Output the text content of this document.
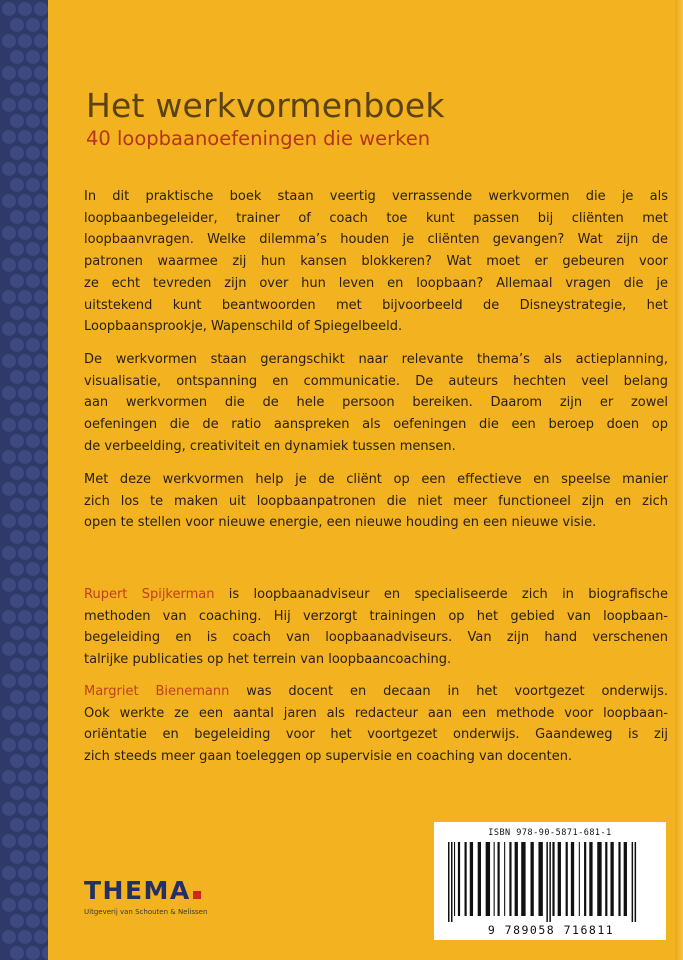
Het werkvormenboek
40 loopbaanoefeningen die werken
In dit praktische boek staan veertig verrassende werkvormen die je als
loopbaanbegeleider, trainer of coach toe kunt passen bij cliënten met
loopbaanvragen. Welke dilemma’s houden je cliënten gevangen? Wat zijn de
patronen waarmee zij hun kansen blokkeren? Wat moet er gebeuren voor
ze echt tevreden zijn over hun leven en loopbaan? Allemaal vragen die je
uitstekend kunt beantwoorden met bijvoorbeeld de Disneystrategie, het
Loopbaansprookje, Wapenschild of Spiegelbeeld.
De werkvormen staan gerangschikt naar relevante thema’s als actieplanning,
visualisatie, ontspanning en communicatie. De auteurs hechten veel belang
aan werkvormen die de hele persoon bereiken. Daarom zijn er zowel
oefeningen die de ratio aanspreken als oefeningen die een beroep doen op
de verbeelding, creativiteit en dynamiek tussen mensen.
Met deze werkvormen help je de cliënt op een effectieve en speelse manier
zich los te maken uit loopbaanpatronen die niet meer functioneel zijn en zich
open te stellen voor nieuwe energie, een nieuwe houding en een nieuwe visie.
Rupert Spijkerman is loopbaanadviseur en specialiseerde zich in biografische
methoden van coaching. Hij verzorgt trainingen op het gebied van loopbaan-
begeleiding en is coach van loopbaanadviseurs. Van zijn hand verschenen
talrijke publicaties op het terrein van loopbaancoaching.
Margriet Bienemann was docent en decaan in het voortgezet onderwijs.
Ook werkte ze een aantal jaren als redacteur aan een methode voor loopbaan-
oriëntatie en begeleiding voor het voortgezet onderwijs. Gaandeweg is zij
zich steeds meer gaan toeleggen op supervisie en coaching van docenten.
ISBN 978-90-5871-681-1
9 789058 716811
THEMA
Uitgeverij van Schouten & Nelissen
